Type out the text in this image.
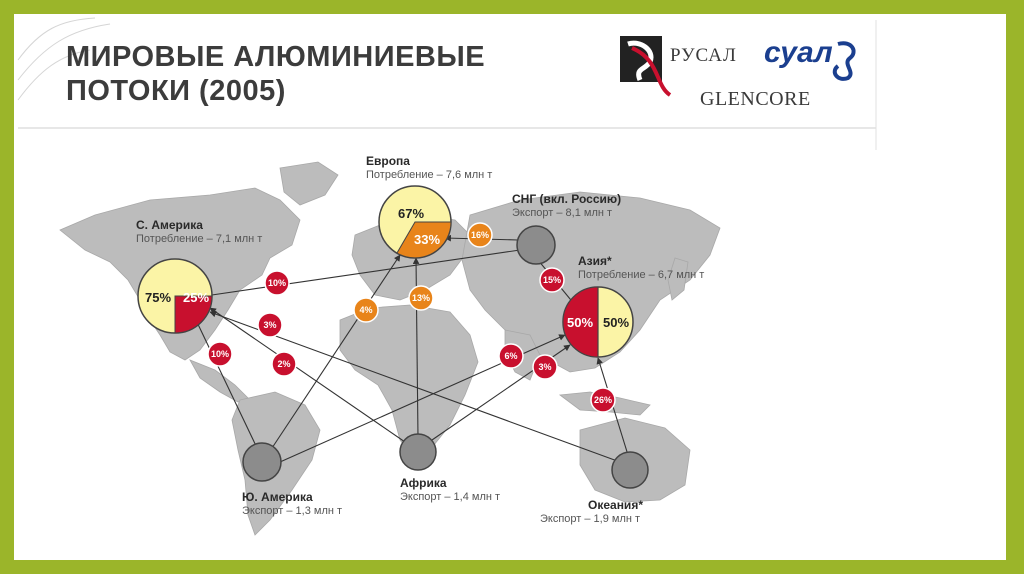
75% 25%
67%
33%
50% 50%
10%
16%
15%
10%
4%
2%
13%
3%
3%
26%
6%
МИРОВЫЕ АЛЮМИНИЕВЫЕ
ПОТОКИ (2005)
РУСАЛ суал
GLENCORE
С. Америка
Потребление – 7,1 млн т
Европа
Потребление – 7,6 млн т
СНГ (вкл. Россию)
Экспорт – 8,1 млн т
Азия*
Потребление – 6,7 млн т
Ю. Америка
Экспорт – 1,3 млн т
Африка
Экспорт – 1,4 млн т
Океания*
Экспорт – 1,9 млн т
